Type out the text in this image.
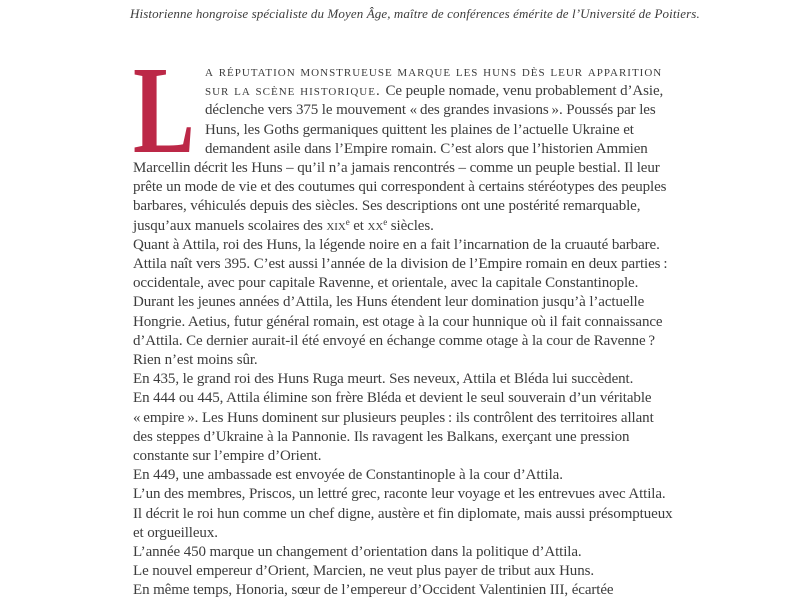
Historienne hongroise spécialiste du Moyen Âge, maître de conférences émérite de l’Université de Poitiers.

L a réputation monstrueuse marque les huns dès leur apparition sur la scène historique. Ce peuple nomade, venu probablement d’Asie, déclenche vers 375 le mouvement « des grandes invasions ». Poussés par les Huns, les Goths germaniques quittent les plaines de l’actuelle Ukraine et demandent asile dans l’Empire romain. C’est alors que l’historien Ammien Marcellin décrit les Huns – qu’il n’a jamais rencontrés – comme un peuple bestial. Il leur prête un mode de vie et des coutumes qui correspondent à certains stéréotypes des peuples barbares, véhiculés depuis des siècles. Ses descriptions ont une postérité remarquable, jusqu’aux manuels scolaires des xix$^e$ et $xx^e$ siècles.

Quant à Attila, roi des Huns, la légende noire en a fait l’incarnation de la cruauté barbare. Attila naît vers 395. C’est aussi l’année de la division de l’Empire romain en deux parties : occidentale, avec pour capitale Ravenne, et orientale, avec la capitale Constantinople. Durant les jeunes années d’Attila, les Huns étendent leur domination jusqu’à l’actuelle Hongrie. Aetius, futur général romain, est otage à la cour hunnique où il fait connaissance d’Attila. Ce dernier aurait-il été envoyé en échange comme otage à la cour de Ravenne ? Rien n’est moins sûr.

En 435, le grand roi des Huns Ruga meurt. Ses neveux, Attila et Bléda lui succèdent.

En 444 ou 445, Attila élimine son frère Bléda et devient le seul souverain d’un véritable « empire ». Les Huns dominent sur plusieurs peuples : ils contrôlent des territoires allant des steppes d’Ukraine à la Pannonie. Ils ravagent les Balkans, exerçant une pression constante sur l’empire d’Orient.

En 449, une ambassade est envoyée de Constantinople à la cour d’Attila.

L’un des membres, Priscos, un lettré grec, raconte leur voyage et les entrevues avec Attila. Il décrit le roi hun comme un chef digne, austère et fin diplomate, mais aussi présomptueux et orgueilleux.

L’année 450 marque un changement d’orientation dans la politique d’Attila.

Le nouvel empereur d’Orient, Marcien, ne veut plus payer de tribut aux Huns.

En même temps, Honoria, sœur de l’empereur d’Occident Valentinien III, écartée
